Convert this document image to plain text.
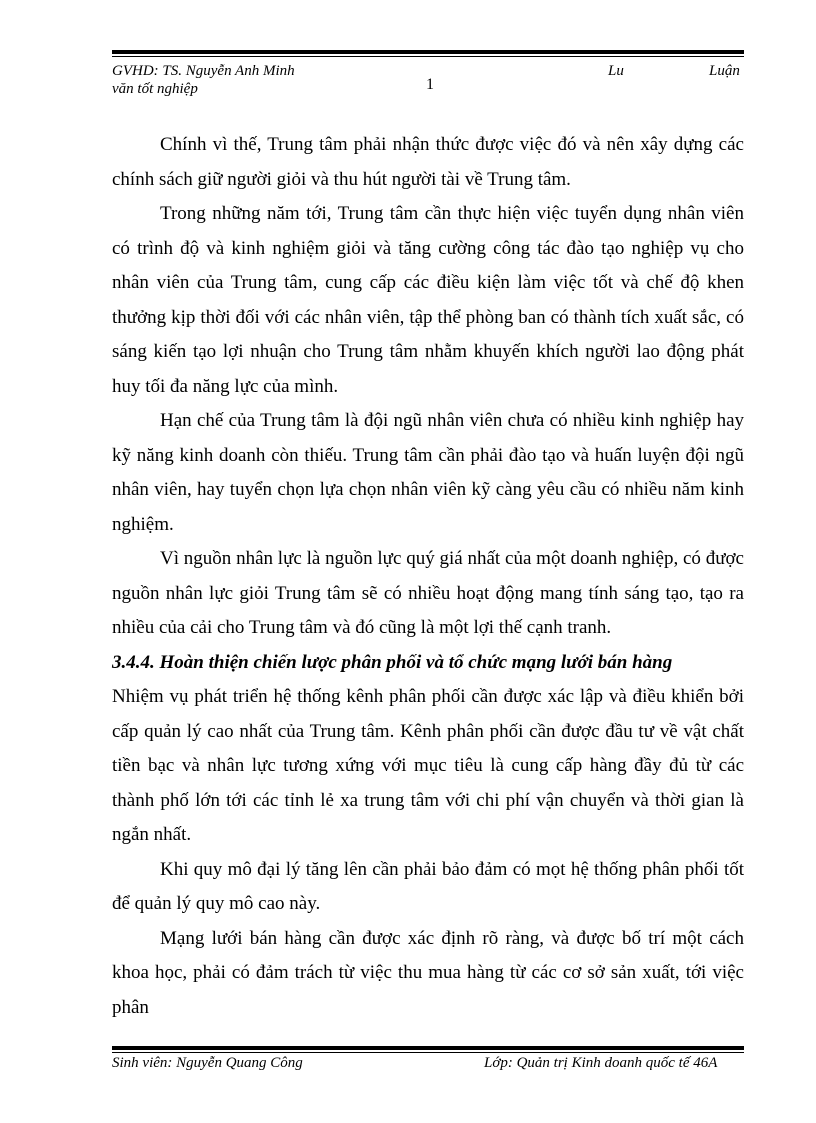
GVHD: TS. Nguyễn Anh Minh	Lu	Luận
văn tốt nghiệp	1

Chính vì thế, Trung tâm phải nhận thức được việc đó và nên xây dựng các chính sách giữ người giỏi và thu hút người tài về Trung tâm.

Trong những năm tới, Trung tâm cần thực hiện việc tuyển dụng nhân viên có trình độ và kinh nghiệm giỏi và tăng cường công tác đào tạo nghiệp vụ cho nhân viên của Trung tâm, cung cấp các điều kiện làm việc tốt và chế độ khen thưởng kịp thời đối với các nhân viên, tập thể phòng ban có thành tích xuất sắc, có sáng kiến tạo lợi nhuận cho Trung tâm nhằm khuyến khích người lao động phát huy tối đa năng lực của mình.

Hạn chế của Trung tâm là đội ngũ nhân viên chưa có nhiều kinh nghiệp hay kỹ năng kinh doanh còn thiếu. Trung tâm cần phải đào tạo và huấn luyện đội ngũ nhân viên, hay tuyển chọn lựa chọn nhân viên kỹ càng yêu cầu có nhiều năm kinh nghiệm.

Vì nguồn nhân lực là nguồn lực quý giá nhất của một doanh nghiệp, có được nguồn nhân lực giỏi Trung tâm sẽ có nhiều hoạt động mang tính sáng tạo, tạo ra nhiều của cải cho Trung tâm và đó cũng là một lợi thế cạnh tranh.

3.4.4. Hoàn thiện chiến lược phân phối và tổ chức mạng lưới bán hàng

Nhiệm vụ phát triển hệ thống kênh phân phối cần được xác lập và điều khiển bởi cấp quản lý cao nhất của Trung tâm. Kênh phân phối cần được đầu tư về vật chất tiền bạc và nhân lực tương xứng với mục tiêu là cung cấp hàng đầy đủ từ các thành phố lớn tới các tỉnh lẻ xa trung tâm với chi phí vận chuyển và thời gian là ngắn nhất.

Khi quy mô đại lý tăng lên cần phải bảo đảm có mọt hệ thống phân phối tốt để quản lý quy mô cao này.

Mạng lưới bán hàng cần được xác định rõ ràng, và được bố trí một cách khoa học, phải có đảm trách từ việc thu mua hàng từ các cơ sở sản xuất, tới việc phân

Sinh viên: Nguyễn Quang Công	Lớp: Quản trị Kinh doanh quốc tế 46A
